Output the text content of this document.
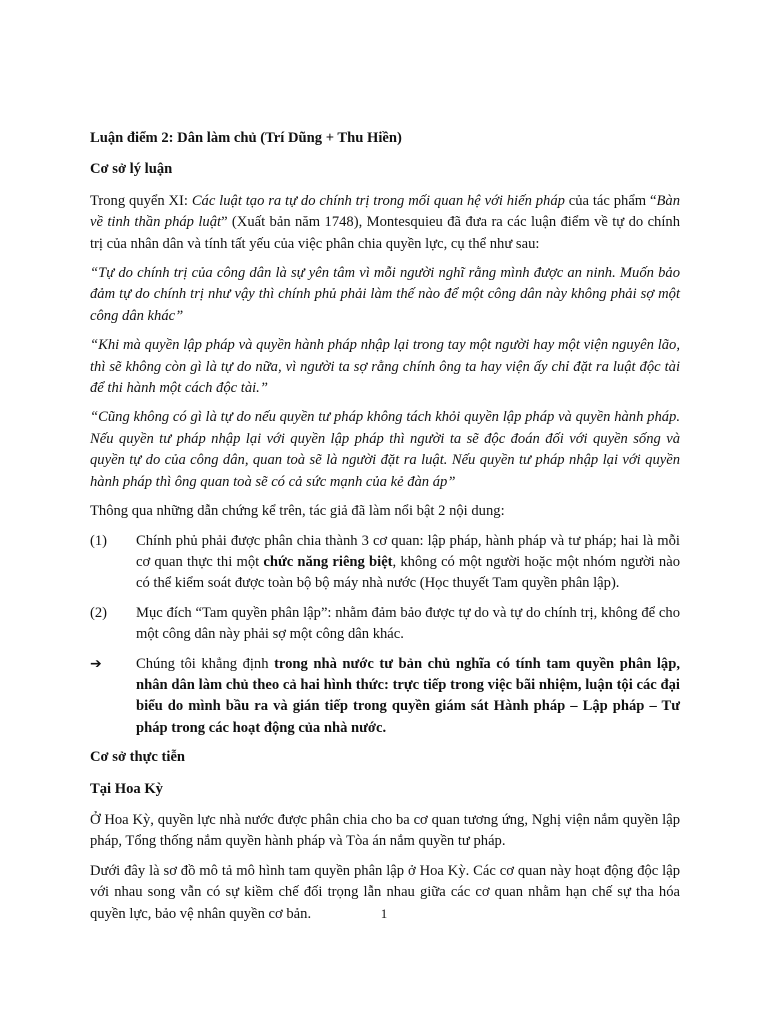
Luận điểm 2: Dân làm chủ (Trí Dũng + Thu Hiền)

Cơ sở lý luận

Trong quyển XI: Các luật tạo ra tự do chính trị trong mối quan hệ với hiến pháp của tác phẩm “Bàn về tinh thần pháp luật” (Xuất bản năm 1748), Montesquieu đã đưa ra các luận điểm về tự do chính trị của nhân dân và tính tất yếu của việc phân chia quyền lực, cụ thể như sau:

“Tự do chính trị của công dân là sự yên tâm vì mỗi người nghĩ rằng mình được an ninh. Muốn bảo đảm tự do chính trị như vậy thì chính phủ phải làm thế nào để một công dân này không phải sợ một công dân khác”

“Khi mà quyền lập pháp và quyền hành pháp nhập lại trong tay một người hay một viện nguyên lão, thì sẽ không còn gì là tự do nữa, vì người ta sợ rằng chính ông ta hay viện ấy chỉ đặt ra luật độc tài để thi hành một cách độc tài.”

“Cũng không có gì là tự do nếu quyền tư pháp không tách khỏi quyền lập pháp và quyền hành pháp. Nếu quyền tư pháp nhập lại với quyền lập pháp thì người ta sẽ độc đoán đối với quyền sống và quyền tự do của công dân, quan toà sẽ là người đặt ra luật. Nếu quyền tư pháp nhập lại với quyền hành pháp thì ông quan toà sẽ có cả sức mạnh của kẻ đàn áp”

Thông qua những dẫn chứng kể trên, tác giả đã làm nổi bật 2 nội dung:

(1)	Chính phủ phải được phân chia thành 3 cơ quan: lập pháp, hành pháp và tư pháp; hai là mỗi cơ quan thực thi một chức năng riêng biệt, không có một người hoặc một nhóm người nào có thể kiểm soát được toàn bộ bộ máy nhà nước (Học thuyết Tam quyền phân lập).
(2)	Mục đích “Tam quyền phân lập”: nhằm đảm bảo được tự do và tự do chính trị, không để cho một công dân này phải sợ một công dân khác.
➔	Chúng tôi khẳng định trong nhà nước tư bản chủ nghĩa có tính tam quyền phân lập, nhân dân làm chủ theo cả hai hình thức: trực tiếp trong việc bãi nhiệm, luận tội các đại biểu do mình bầu ra và gián tiếp trong quyền giám sát Hành pháp – Lập pháp – Tư pháp trong các hoạt động của nhà nước.

Cơ sở thực tiễn

Tại Hoa Kỳ

Ở Hoa Kỳ, quyền lực nhà nước được phân chia cho ba cơ quan tương ứng, Nghị viện nắm quyền lập pháp, Tổng thống nắm quyền hành pháp và Tòa án nắm quyền tư pháp.

Dưới đây là sơ đồ mô tả mô hình tam quyền phân lập ở Hoa Kỳ. Các cơ quan này hoạt động độc lập với nhau song vẫn có sự kiềm chế đối trọng lẫn nhau giữa các cơ quan nhằm hạn chế sự tha hóa quyền lực, bảo vệ nhân quyền cơ bản.	1
